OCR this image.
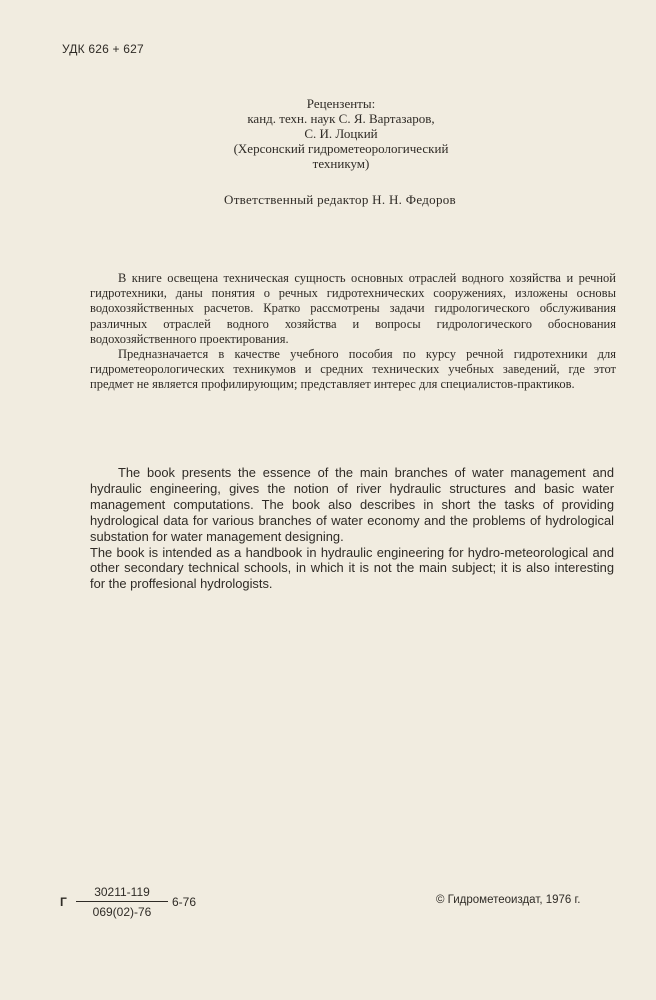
УДК 626 + 627
Рецензенты:
канд. техн. наук С. Я. Вартазаров,
С. И. Лоцкий
(Херсонский гидрометеорологический
техникум)
Ответственный редактор Н. Н. Федоров

В книге освещена техническая сущность основных отраслей водного хозяйства и речной гидротехники, даны понятия о речных гидротехнических сооружениях, изложены основы водохозяйственных расчетов. Кратко рассмотрены задачи гидрологического обслуживания различных отраслей водного хозяйства и вопросы гидрологического обоснования водохозяйственного проектирования.

Предназначается в качестве учебного пособия по курсу речной гидротехники для гидрометеорологических техникумов и средних технических учебных заведений, где этот предмет не является профилирующим; представляет интерес для специалистов-практиков.

The book presents the essence of the main branches of water management and hydraulic engineering, gives the notion of river hydraulic structures and basic water management computations. The book also describes in short the tasks of providing hydrological data for various branches of water economy and the problems of hydrological substation for water management designing.

The book is intended as a handbook in hydraulic engineering for hydro-meteorological and other secondary technical schools, in which it is not the main subject; it is also interesting for the proffesional hydrologists.

Г
30211-119
069(02)-76
6-76	© Гидрометеоиздат, 1976 г.
